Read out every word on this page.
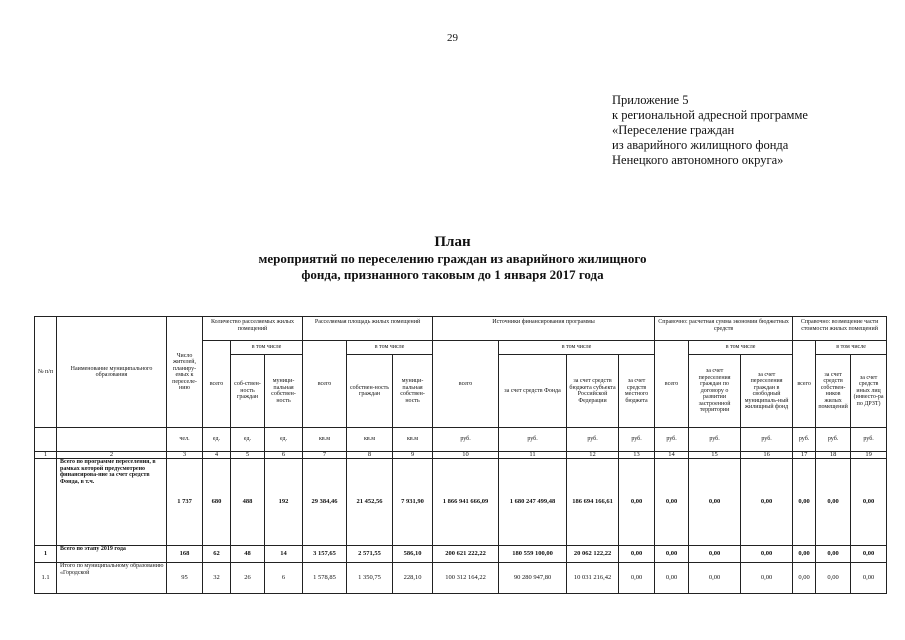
29
Приложение 5
к региональной адресной программе
«Переселение граждан
из аварийного жилищного фонда
Ненецкого автономного округа»
План
мероприятий по переселению граждан из аварийного жилищного
фонда, признанного таковым до 1 января 2017 года
№ п/п	Наименование муниципального образования	Число жителей, планиру-емых к переселе-нию	Количество расселяемых жилых помещений			Расселяемая площадь жилых помещений			Источники финансирования программы				Справочно: расчетная сумма экономии бюджетных средств			Справочно: возмещение части стоимости жилых помещений		
			всего	в том числе		всего	в том числе		всего	в том числе			всего	в том числе		всего	в том числе	
				соб-ствен-ность граждан	муници-пальная собствен-ность		собствен-ность граждан	муници-пальная собствен-ность		за счет средств Фонда	за счет средств бюджета субъекта Российской Федерации	за счет средств местного бюджета		за счет переселения граждан по договору о развитии застроенной территории	за счет переселения граждан в свободный муниципаль-ный жилищный фонд		за счет средств собствен-ников жилых помещений	за счет средств иных лиц (инвесто-ра по ДРЗТ)
		чел.	ед.	ед.	ед.	кв.м	кв.м	кв.м	руб.	руб.	руб.	руб.	руб.	руб.	руб.	руб.	руб.	руб.
1	2	3	4	5	6	7	8	9	10	11	12	13	14	15	16	17	18	19
	Всего по программе переселения, в рамках которой предусмотрено финансирова-ние за счет средств Фонда, в т.ч.	1 737	680	488	192	29 384,46	21 452,56	7 931,90	1 866 941 666,09	1 680 247 499,48	186 694 166,61	0,00	0,00	0,00	0,00	0,00	0,00	0,00
1	Всего по этапу 2019 года	168	62	48	14	3 157,65	2 571,55	586,10	200 621 222,22	180 559 100,00	20 062 122,22	0,00	0,00	0,00	0,00	0,00	0,00	0,00
1.1	Итого по муниципальному образованию «Городской	95	32	26	6	1 578,85	1 350,75	228,10	100 312 164,22	90 280 947,80	10 031 216,42	0,00	0,00	0,00	0,00	0,00	0,00	0,00
